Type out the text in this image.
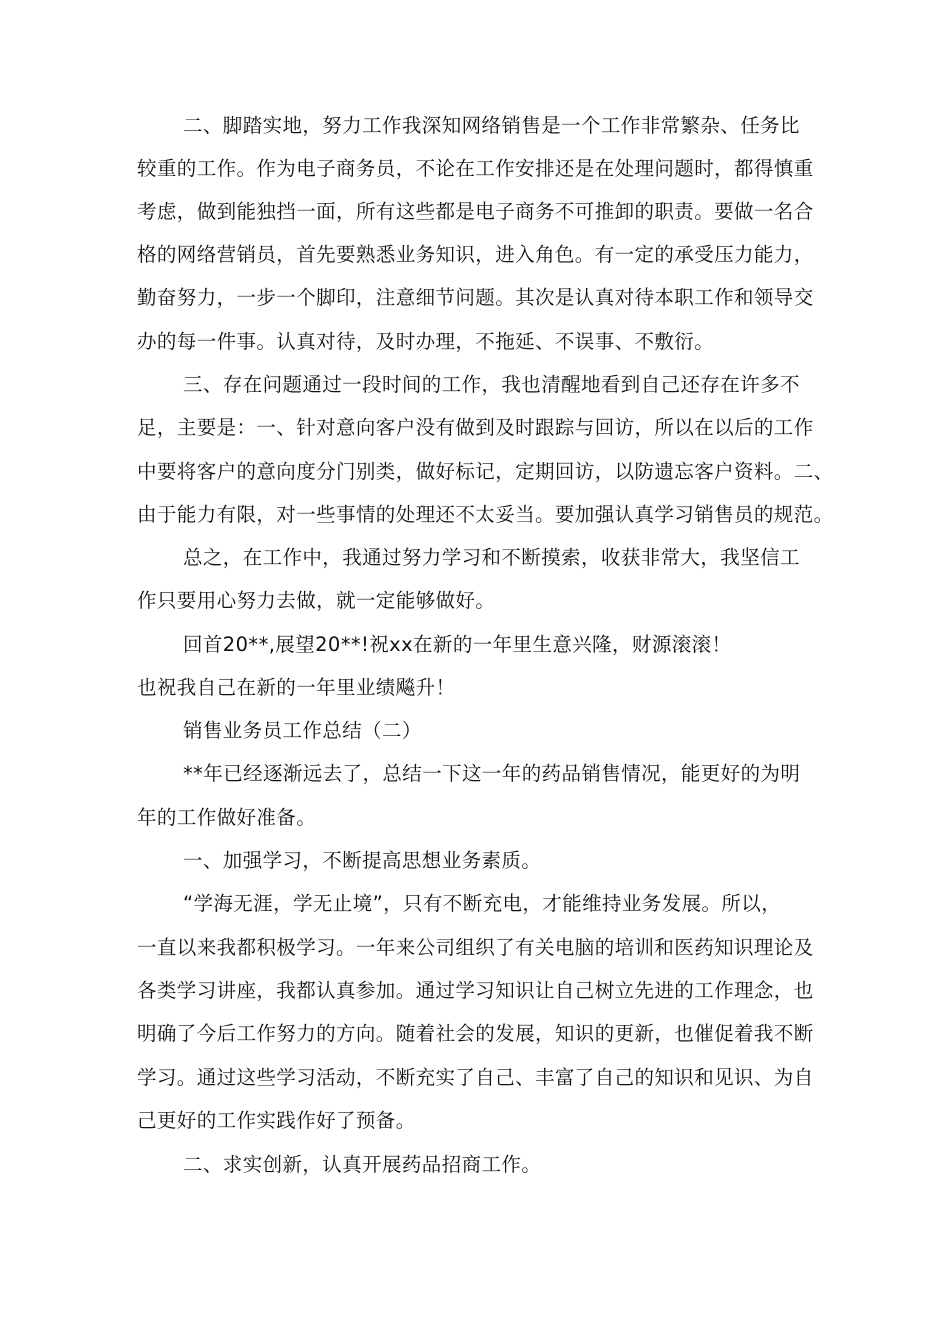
二、脚踏实地，努力工作我深知网络销售是一个工作非常繁杂、任务比
较重的工作。作为电子商务员，不论在工作安排还是在处理问题时，都得慎重
考虑，做到能独挡一面，所有这些都是电子商务不可推卸的职责。要做一名合
格的网络营销员，首先要熟悉业务知识，进入角色。有一定的承受压力能力，
勤奋努力，一步一个脚印，注意细节问题。其次是认真对待本职工作和领导交
办的每一件事。认真对待，及时办理，不拖延、不误事、不敷衍。
三、存在问题通过一段时间的工作，我也清醒地看到自己还存在许多不
足，主要是：一、针对意向客户没有做到及时跟踪与回访，所以在以后的工作
中要将客户的意向度分门别类，做好标记，定期回访，以防遗忘客户资料。二、
由于能力有限，对一些事情的处理还不太妥当。要加强认真学习销售员的规范。
总之，在工作中，我通过努力学习和不断摸索，收获非常大，我坚信工
作只要用心努力去做，就一定能够做好。
回首20**,展望20**!祝xx在新的一年里生意兴隆，财源滚滚！
也祝我自己在新的一年里业绩飚升！
销售业务员工作总结（二）
**年已经逐渐远去了，总结一下这一年的药品销售情况，能更好的为明
年的工作做好准备。
一、加强学习，不断提高思想业务素质。
“学海无涯，学无止境”，只有不断充电，才能维持业务发展。所以，
一直以来我都积极学习。一年来公司组织了有关电脑的培训和医药知识理论及
各类学习讲座，我都认真参加。通过学习知识让自己树立先进的工作理念，也
明确了今后工作努力的方向。随着社会的发展，知识的更新，也催促着我不断
学习。通过这些学习活动，不断充实了自己、丰富了自己的知识和见识、为自
己更好的工作实践作好了预备。
二、求实创新，认真开展药品招商工作。
